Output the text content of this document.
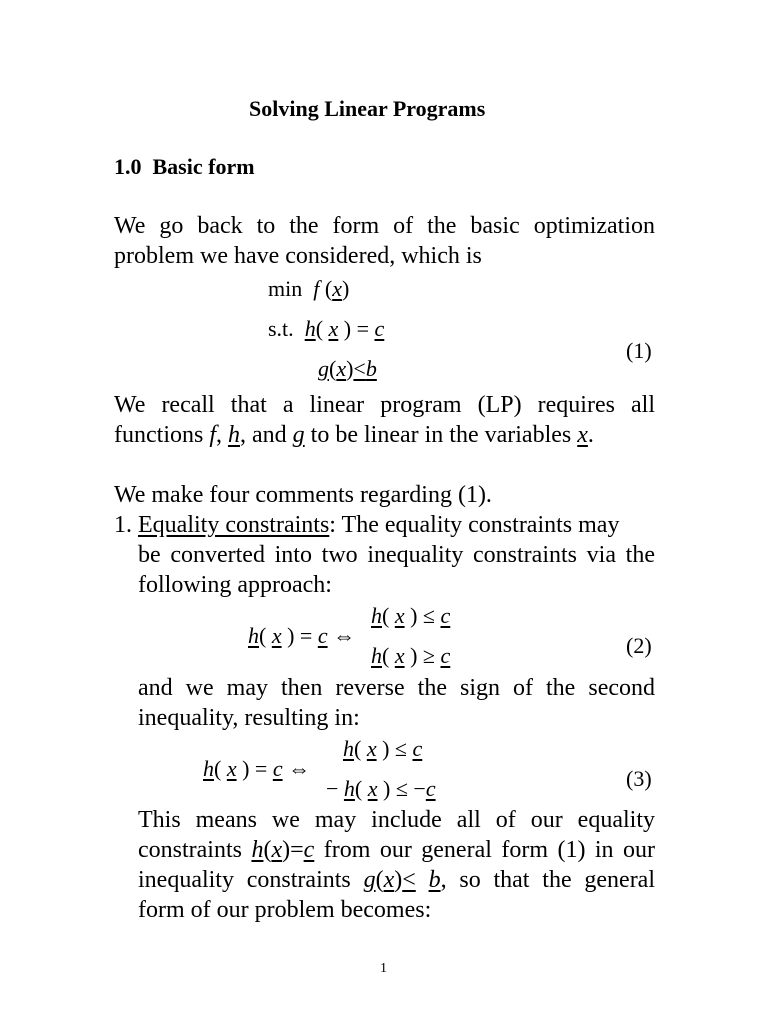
Solving Linear Programs
1.0 Basic form
We go back to the form of the basic optimization
problem we have considered, which is
min f (x)
s.t. h( x ) = c
g(x)<b
(1)
We recall that a linear program (LP) requires all
functions f, h, and g to be linear in the variables x.
We make four comments regarding (1).
1. Equality constraints: The equality constraints may
be converted into two inequality constraints via the
following approach:
h( x ) ≤ c
h( x ) = c ⇔
h( x ) ≥ c	(2)
and we may then reverse the sign of the second
inequality, resulting in:
h( x ) ≤ c
h( x ) = c ⇔
− h( x ) ≤ −c	(3)
This means we may include all of our equality
constraints h(x)=c from our general form (1) in our
inequality constraints g(x)< b, so that the general
form of our problem becomes:
1
